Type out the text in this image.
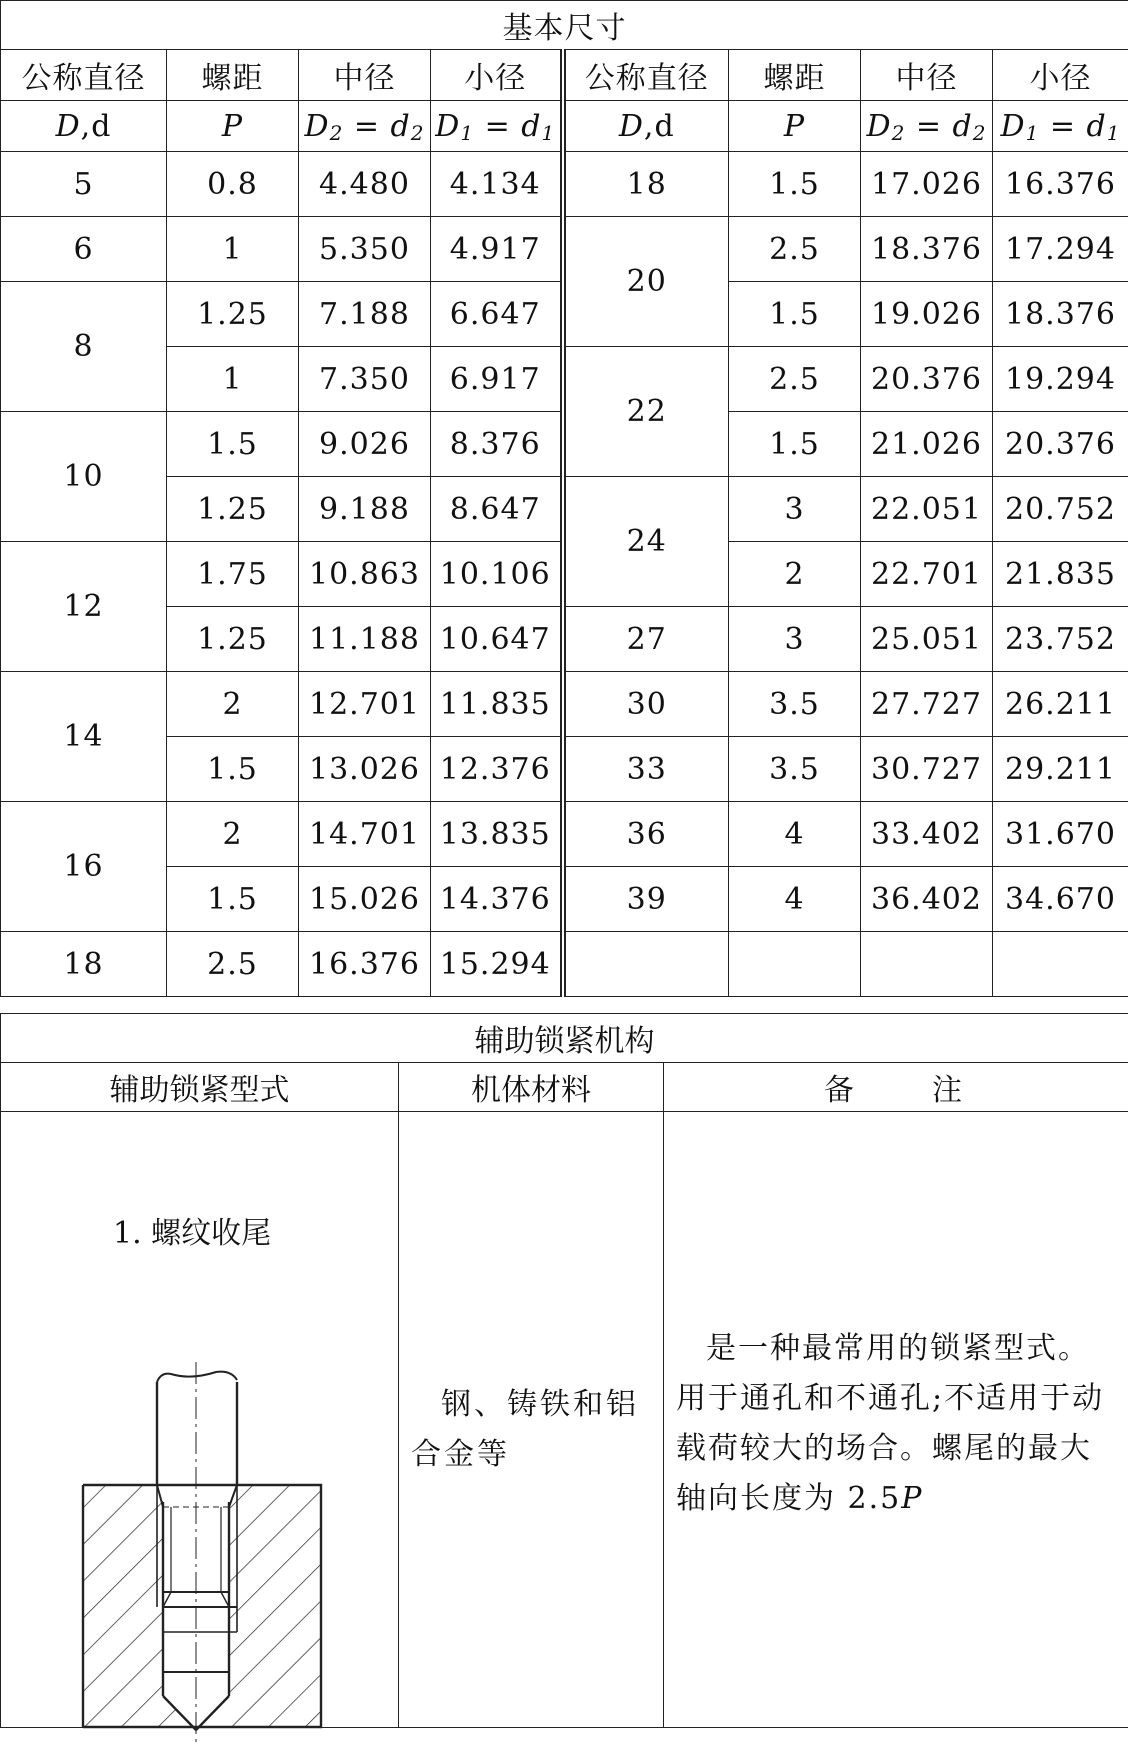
基本尺寸							
公称直径	螺距	中径	小径	公称直径	螺距	中径	小径
D,d	P	$D_2 = d_2$	$D_1 = d_1$	D,d	P	$D_2 = d_2$	$D_1 = d_1$
5	0.8	4.480	4.134	18	1.5	17.026	16.376
6	1	5.350	4.917	20	2.5	18.376	17.294
8	1.25	7.188	6.647		1.5	19.026	18.376
	1	7.350	6.917	22	2.5	20.376	19.294
10	1.5	9.026	8.376		1.5	21.026	20.376
	1.25	9.188	8.647	24	3	22.051	20.752
12	1.75	10.863	10.106		2	22.701	21.835
	1.25	11.188	10.647	27	3	25.051	23.752
14	2	12.701	11.835	30	3.5	27.727	26.211
	1.5	13.026	12.376	33	3.5	30.727	29.211
16	2	14.701	13.835	36	4	33.402	31.670
	1.5	15.026	14.376	39	4	36.402	34.670
18	2.5	16.376	15.294				
辅助锁紧机构		
辅助锁紧型式	机体材料	备　　注

1. 螺纹收尾	钢、铸铁和铝合金等	是一种最常用的锁紧型式。用于通孔和不通孔;不适用于动载荷较大的场合。螺尾的最大轴向长度为 2.5P
